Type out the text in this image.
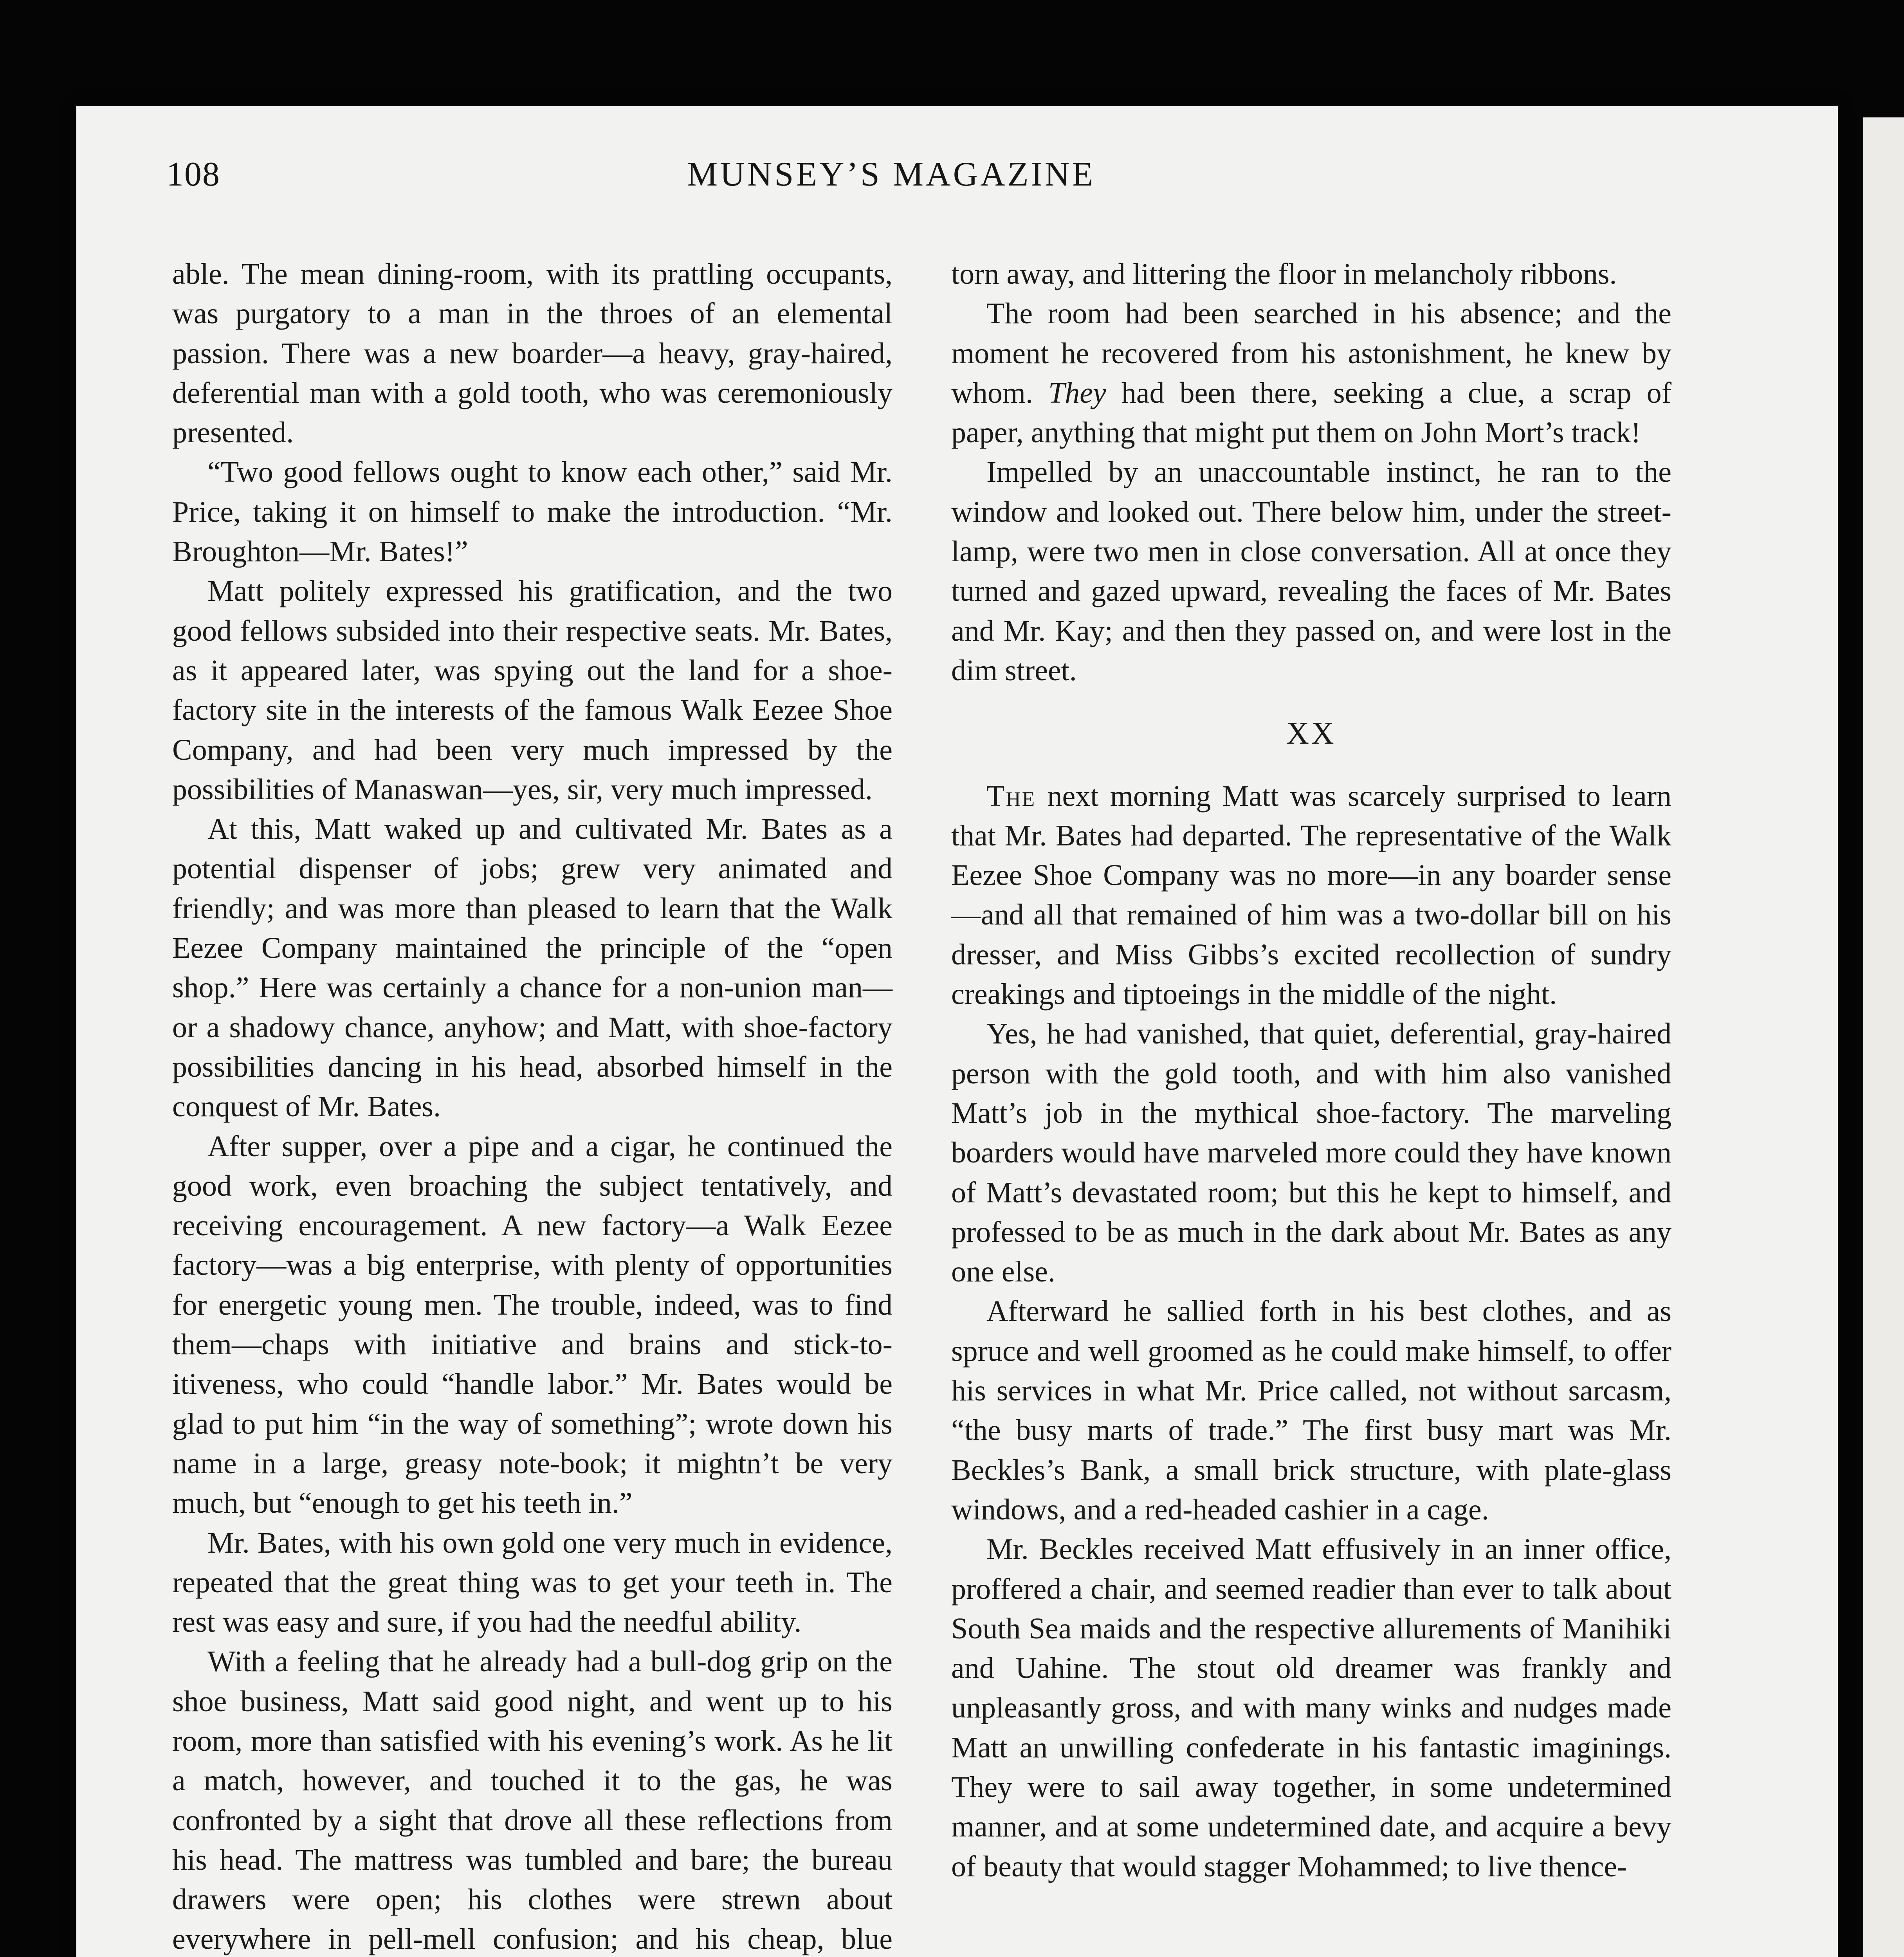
108	MUNSEY’S MAGAZINE

able. The mean dining-room, with its prattling occupants, was purgatory to a man in the throes of an elemental passion. There was a new boarder—a heavy, gray-haired, deferential man with a gold tooth, who was ceremoniously presented.

“Two good fellows ought to know each other,” said Mr. Price, taking it on himself to make the introduction. “Mr. Broughton—Mr. Bates!”

Matt politely expressed his gratification, and the two good fellows subsided into their respective seats. Mr. Bates, as it appeared later, was spying out the land for a shoe-factory site in the interests of the famous Walk Eezee Shoe Company, and had been very much impressed by the possibilities of Manaswan—yes, sir, very much impressed.

At this, Matt waked up and cultivated Mr. Bates as a potential dispenser of jobs; grew very animated and friendly; and was more than pleased to learn that the Walk Eezee Company maintained the principle of the “open shop.” Here was certainly a chance for a non-union man—or a shadowy chance, anyhow; and Matt, with shoe-factory possibilities dancing in his head, absorbed himself in the conquest of Mr. Bates.

After supper, over a pipe and a cigar, he continued the good work, even broaching the subject tentatively, and receiving encouragement. A new factory—a Walk Eezee factory—was a big enterprise, with plenty of opportunities for energetic young men. The trouble, indeed, was to find them—chaps with initiative and brains and stick-to-itiveness, who could “handle labor.” Mr. Bates would be glad to put him “in the way of something”; wrote down his name in a large, greasy note-book; it mightn’t be very much, but “enough to get his teeth in.”

Mr. Bates, with his own gold one very much in evidence, repeated that the great thing was to get your teeth in. The rest was easy and sure, if you had the needful ability.

With a feeling that he already had a bull-dog grip on the shoe business, Matt said good night, and went up to his room, more than satisfied with his evening’s work. As he lit a match, however, and touched it to the gas, he was confronted by a sight that drove all these reflections from his head. The mattress was tumbled and bare; the bureau drawers were open; his clothes were strewn about everywhere in pell-mell confusion; and his cheap, blue

torn away, and littering the floor in melancholy ribbons.

The room had been searched in his absence; and the moment he recovered from his astonishment, he knew by whom. They had been there, seeking a clue, a scrap of paper, anything that might put them on John Mort’s track!

Impelled by an unaccountable instinct, he ran to the window and looked out. There below him, under the street-lamp, were two men in close conversation. All at once they turned and gazed upward, revealing the faces of Mr. Bates and Mr. Kay; and then they passed on, and were lost in the dim street.

XX

The next morning Matt was scarcely surprised to learn that Mr. Bates had departed. The representative of the Walk Eezee Shoe Company was no more—in any boarder sense—and all that remained of him was a two-dollar bill on his dresser, and Miss Gibbs’s excited recollection of sundry creakings and tiptoeings in the middle of the night.

Yes, he had vanished, that quiet, deferential, gray-haired person with the gold tooth, and with him also vanished Matt’s job in the mythical shoe-factory. The marveling boarders would have marveled more could they have known of Matt’s devastated room; but this he kept to himself, and professed to be as much in the dark about Mr. Bates as any one else.

Afterward he sallied forth in his best clothes, and as spruce and well groomed as he could make himself, to offer his services in what Mr. Price called, not without sarcasm, “the busy marts of trade.” The first busy mart was Mr. Beckles’s Bank, a small brick structure, with plate-glass windows, and a red-headed cashier in a cage.

Mr. Beckles received Matt effusively in an inner office, proffered a chair, and seemed readier than ever to talk about South Sea maids and the respective allurements of Manihiki and Uahine. The stout old dreamer was frankly and unpleasantly gross, and with many winks and nudges made Matt an unwilling confederate in his fantastic imaginings. They were to sail away together, in some undetermined manner, and at some undetermined date, and acquire a bevy of beauty that would stagger Mohammed; to live thence-
